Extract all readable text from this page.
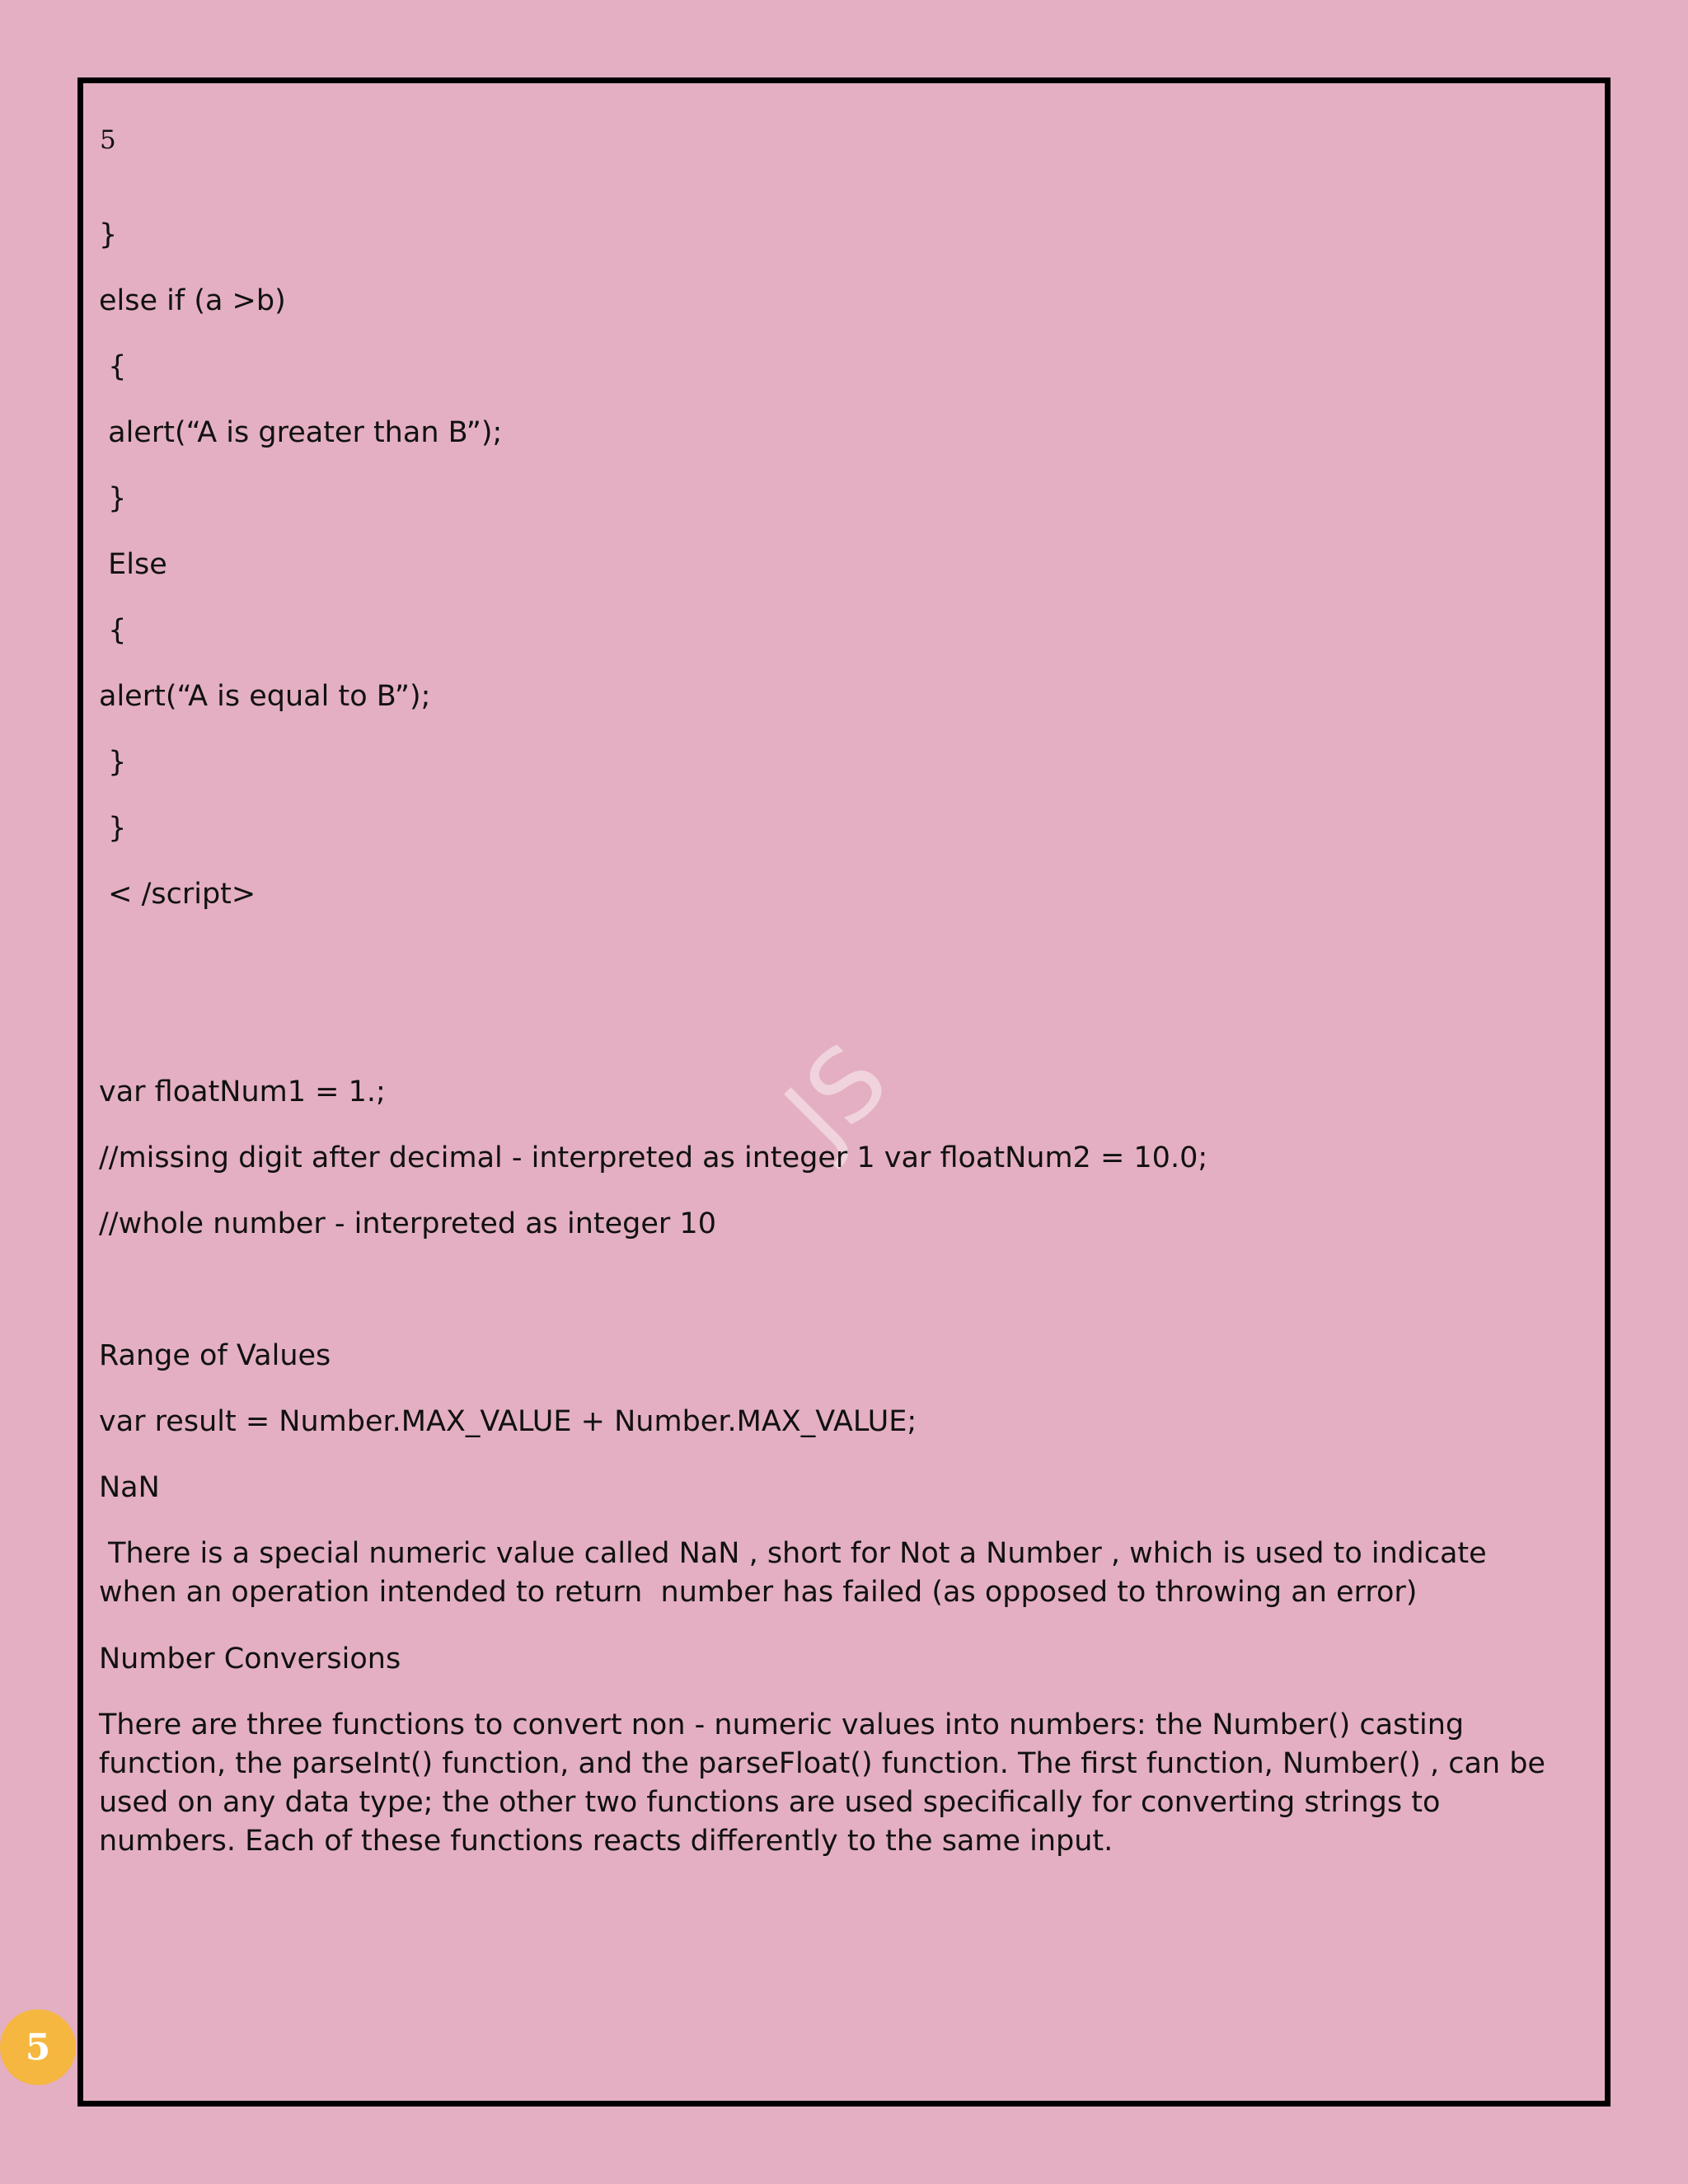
5
}
else if (a >b)
{
alert(“A is greater than B”);
}
Else
{
alert(“A is equal to B”);
}
}
< /script>
JS
var floatNum1 = 1.;
//missing digit after decimal - interpreted as integer 1 var floatNum2 = 10.0;
//whole number - interpreted as integer 10
Range of Values
var result = Number.MAX_VALUE + Number.MAX_VALUE;
NaN
There is a special numeric value called NaN , short for Not a Number , which is used to indicate when an operation intended to return  number has failed (as opposed to throwing an error)
Number Conversions
There are three functions to convert non - numeric values into numbers: the Number() casting function, the parseInt() function, and the parseFloat() function. The first function, Number() , can be used on any data type; the other two functions are used specifically for converting strings to numbers. Each of these functions reacts differently to the same input.
5
